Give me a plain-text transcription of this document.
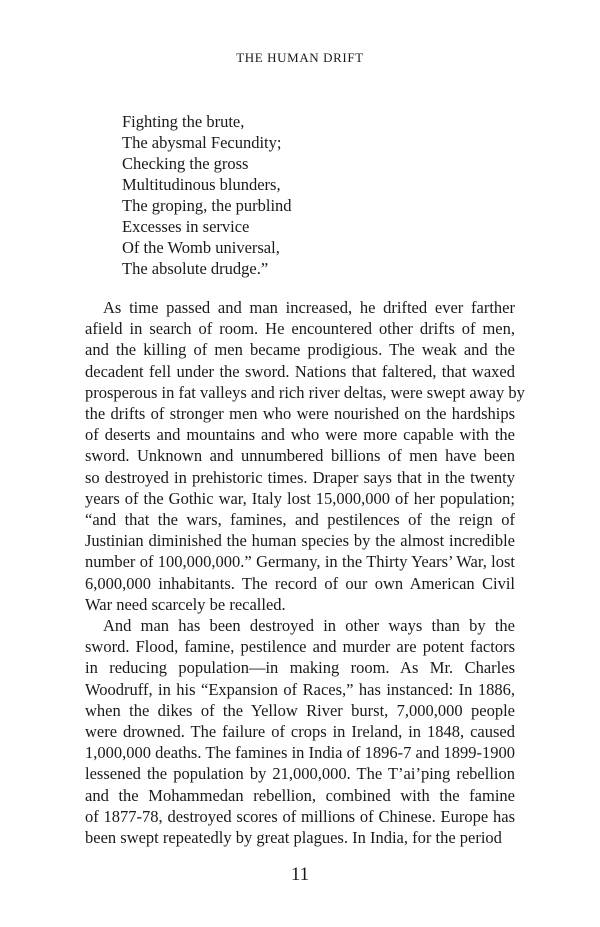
THE HUMAN DRIFT
Fighting the brute,
The abysmal Fecundity;
Checking the gross
Multitudinous blunders,
The groping, the purblind
Excesses in service
Of the Womb universal,
The absolute drudge.”
As time passed and man increased, he drifted ever farther
afield in search of room. He encountered other drifts of men,
and the killing of men became prodigious. The weak and the
decadent fell under the sword. Nations that faltered, that waxed
prosperous in fat valleys and rich river deltas, were swept away by
the drifts of stronger men who were nourished on the hardships
of deserts and mountains and who were more capable with the
sword. Unknown and unnumbered billions of men have been
so destroyed in prehistoric times. Draper says that in the twenty
years of the Gothic war, Italy lost 15,000,000 of her population;
“and that the wars, famines, and pestilences of the reign of
Justinian diminished the human species by the almost incredible
number of 100,000,000.” Germany, in the Thirty Years’ War, lost
6,000,000 inhabitants. The record of our own American Civil
War need scarcely be recalled.
And man has been destroyed in other ways than by the
sword. Flood, famine, pestilence and murder are potent factors
in reducing population—in making room. As Mr. Charles
Woodruff, in his “Expansion of Races,” has instanced: In 1886,
when the dikes of the Yellow River burst, 7,000,000 people
were drowned. The failure of crops in Ireland, in 1848, caused
1,000,000 deaths. The famines in India of 1896-7 and 1899-1900
lessened the population by 21,000,000. The T’ai’ping rebellion
and the Mohammedan rebellion, combined with the famine
of 1877-78, destroyed scores of millions of Chinese. Europe has
been swept repeatedly by great plagues. In India, for the period
11
